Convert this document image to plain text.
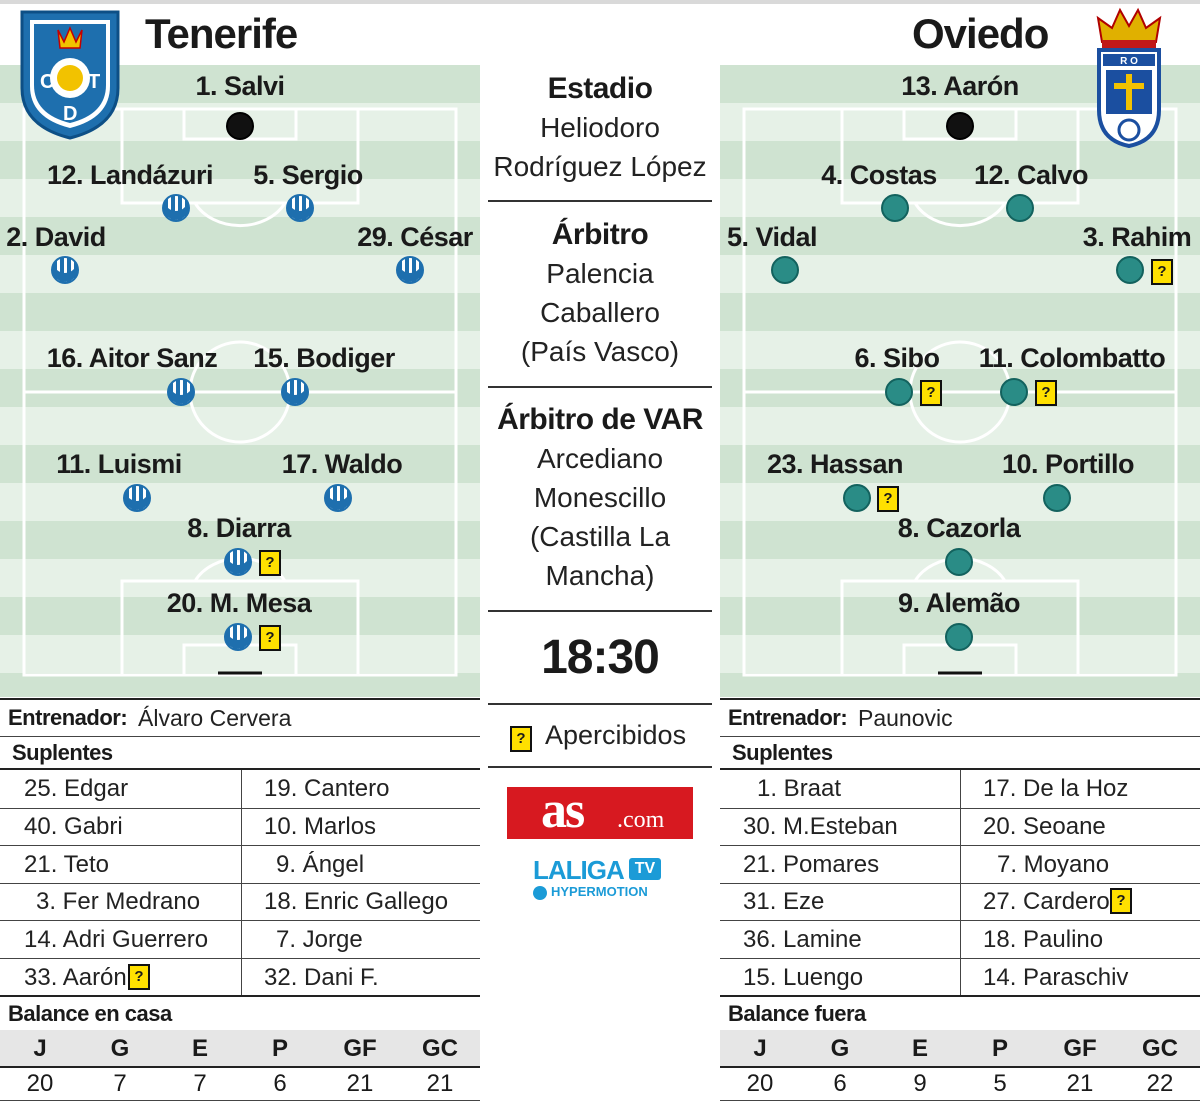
Tenerife	Oviedo
C T
D
R O
1. Salvi
12. Landázuri 5. Sergio
2. David	29. César
16. Aitor Sanz 15. Bodiger
11. Luismi	17. Waldo
8. Diarra
?
20. M. Mesa
?
13. Aarón
4. Costas 12. Calvo
5. Vidal	3. Rahim
?
6. Sibo
?
11. Colombatto
?
23. Hassan
?
10. Portillo
8. Cazorla
9. Alemão
Estadio
Heliodoro
Rodríguez López
Árbitro
Palencia
Caballero
(País Vasco)
Árbitro de VAR
Arcediano
Monescillo
(Castilla La
Mancha)
18:30
? Apercibidos
as .com
LALIGA TV
HYPERMOTION
Entrenador: Álvaro Cervera
Suplentes
25. Edgar	19. Cantero
40. Gabri	10. Marlos
21. Teto	9. Ángel
3. Fer Medrano	18. Enric Gallego
14. Adri Guerrero	7. Jorge
33. Aarón ?	32. Dani F.
Balance en casa
J	G	E	P	GF	GC
20	7	7	6	21	21
Entrenador: Paunovic
Suplentes
1. Braat	17. De la Hoz
30. M.Esteban	20. Seoane
21. Pomares	7. Moyano
31. Eze	27. Cardero ?
36. Lamine	18. Paulino
15. Luengo	14. Paraschiv
Balance fuera
J	G	E	P	GF	GC
20	6	9	5	21	22
